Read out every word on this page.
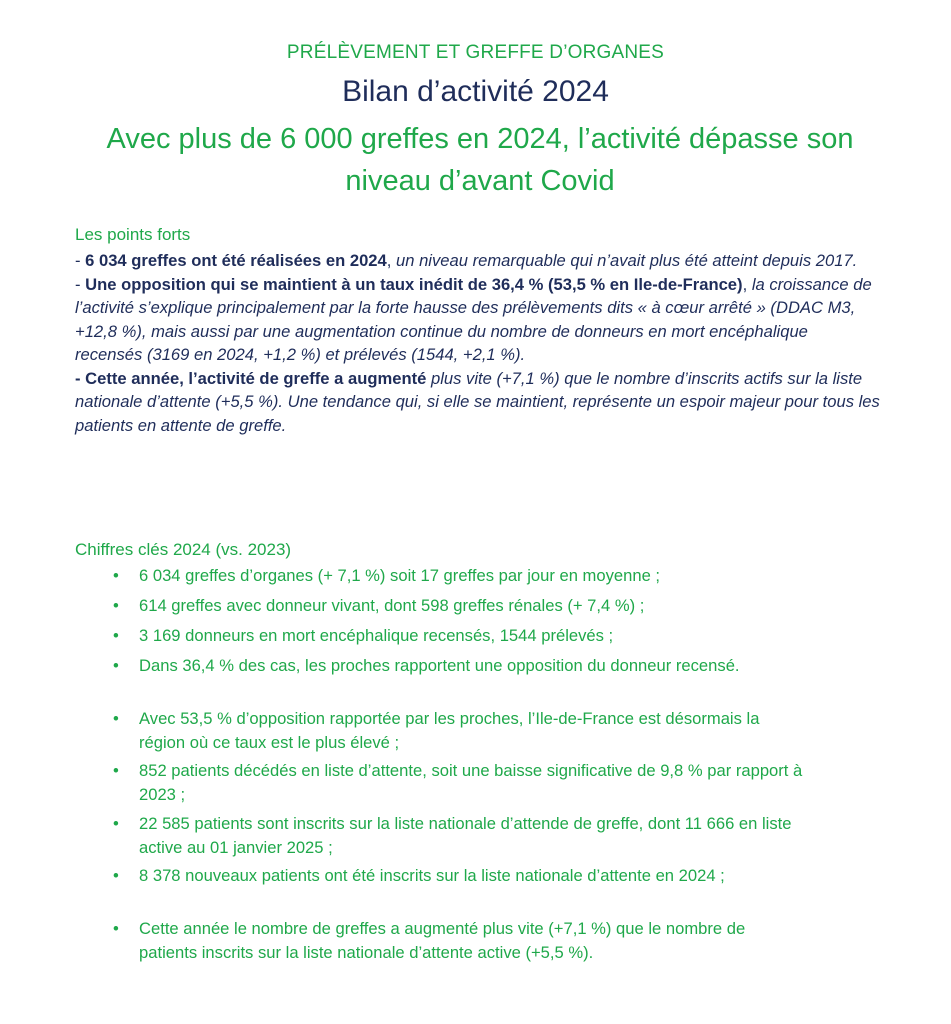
PRÉLÈVEMENT ET GREFFE D’ORGANES
Bilan d’activité 2024
Avec plus de 6 000 greffes en 2024, l’activité dépasse son niveau d’avant Covid
Les points forts

- 6 034 greffes ont été réalisées en 2024, un niveau remarquable qui n’avait plus été atteint depuis 2017.

- Une opposition qui se maintient à un taux inédit de 36,4 % (53,5 % en Ile-de-France), la croissance de l’activité s’explique principalement par la forte hausse des prélèvements dits « à cœur arrêté » (DDAC M3, +12,8 %), mais aussi par une augmentation continue du nombre de donneurs en mort encéphalique recensés (3169 en 2024, +1,2 %) et prélevés (1544, +2,1 %).

- Cette année, l’activité de greffe a augmenté plus vite (+7,1 %) que le nombre d’inscrits actifs sur la liste nationale d’attente (+5,5 %). Une tendance qui, si elle se maintient, représente un espoir majeur pour tous les patients en attente de greffe.

Chiffres clés 2024 (vs. 2023)
• 6 034 greffes d’organes (+ 7,1 %) soit 17 greffes par jour en moyenne ;
• 614 greffes avec donneur vivant, dont 598 greffes rénales (+ 7,4 %) ;
• 3 169 donneurs en mort encéphalique recensés, 1544 prélevés ;
• Dans 36,4 % des cas, les proches rapportent une opposition du donneur recensé.
• Avec 53,5 % d’opposition rapportée par les proches, l’Ile-de-France est désormais la région où ce taux est le plus élevé ;
• 852 patients décédés en liste d’attente, soit une baisse significative de 9,8 % par rapport à 2023 ;
• 22 585 patients sont inscrits sur la liste nationale d’attende de greffe, dont 11 666 en liste active au 01 janvier 2025 ;
• 8 378 nouveaux patients ont été inscrits sur la liste nationale d’attente en 2024 ;
• Cette année le nombre de greffes a augmenté plus vite (+7,1 %) que le nombre de patients inscrits sur la liste nationale d’attente active (+5,5 %).
